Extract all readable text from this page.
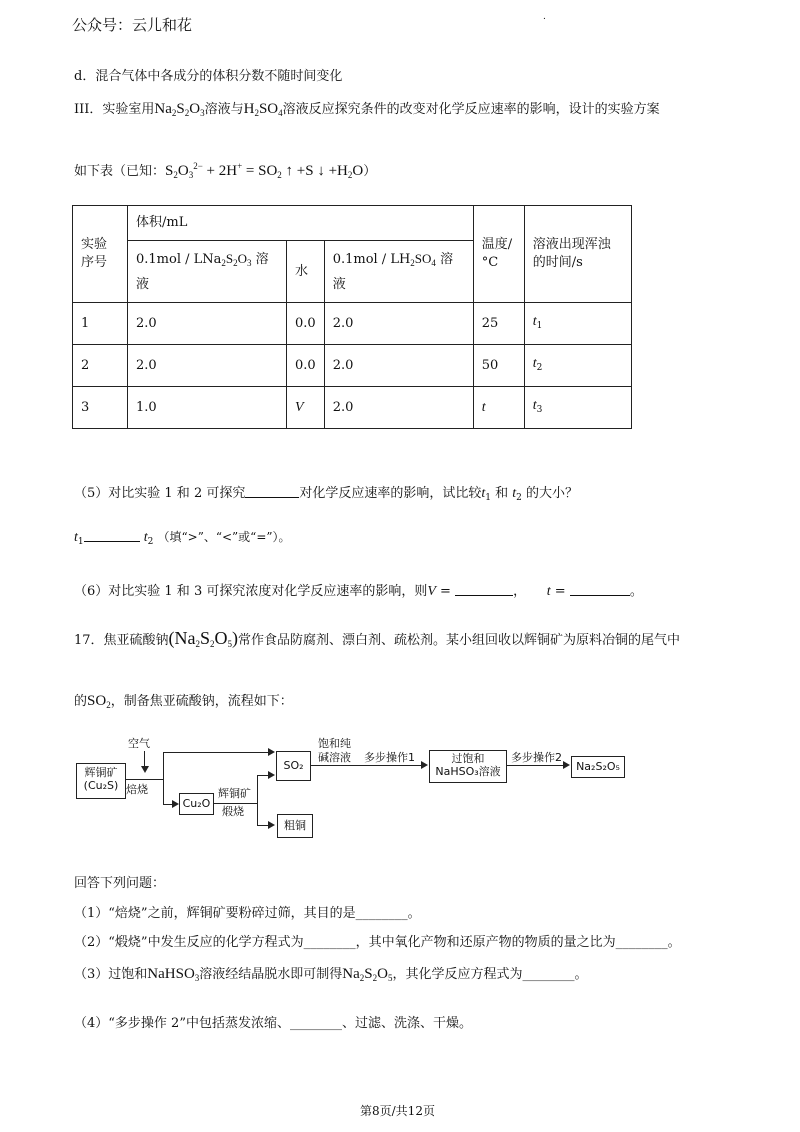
公众号：云儿和花	.
d．混合气体中各成分的体积分数不随时间变化
III．实验室用$Na_2S_2O_3$溶液与$H_2SO_4$溶液反应探究条件的改变对化学反应速率的影响，设计的实验方案
如下表（已知：$S_2O_3^{2-} + 2H^+ = SO_2$ ↑ +S ↓ $+H_2O$）
实验序号	体积/mL			温度/°C	溶液出现浑浊的时间/s
	$0.1mol / LNa_2S_2O_3$ 溶液	水	$0.1mol / LH_2SO_4$ 溶液		
1	2.0	0.0	2.0	25	$t_1$
2	2.0	0.0	2.0	50	$t_2$
3	1.0	V	2.0	t	$t_3$
（5）对比实验 1 和 2 可探究	对化学反应速率的影响，试比较$t_1$ 和 $t_2$ 的大小？
$t_1$	$t_2$ （填“>”、“<”或“=”）。
（6）对比实验 1 和 3 可探究浓度对化学反应速率的影响，则V =	，     t =	。
17．焦亚硫酸钠$(Na_2S_2O_5)$常作食品防腐剂、漂白剂、疏松剂。某小组回收以辉铜矿为原料冶铜的尾气中
的$SO_2$，制备焦亚硫酸钠，流程如下：
空气
辉铜矿
(Cu₂S) 焙烧
Cu₂O
辉铜矿
煅烧
SO₂
粗铜
饱和纯
碱溶液 多步操作1	过饱和
NaHSO₃溶液
多步操作2
Na₂S₂O₅
回答下列问题：
（1）“焙烧”之前，辉铜矿要粉碎过筛，其目的是________。
（2）“煅烧”中发生反应的化学方程式为________，其中氧化产物和还原产物的物质的量之比为________。
（3）过饱和NaHSO$_3$溶液经结晶脱水即可制得$Na_2S_2O_5$，其化学反应方程式为________。
（4）“多步操作 2”中包括蒸发浓缩、________、过滤、洗涤、干燥。
第8页/共12页
